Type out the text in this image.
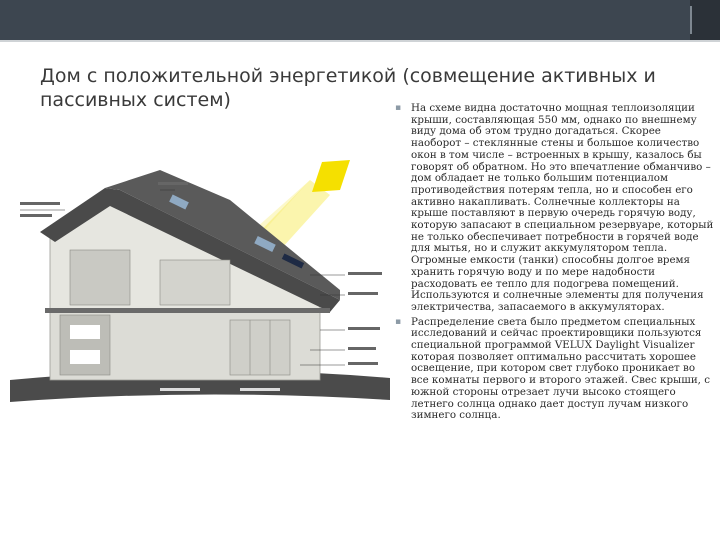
Дом с положительной энергетикой (совмещение активных и пассивных систем)	▪ На схеме видна достаточно мощная теплоизоляции крыши, составляющая 550 мм, однако по внешнему виду дома об этом трудно догадаться. Скорее наоборот – стеклянные стены и большое количество окон в том числе – встроенных в крышу, казалось бы говорят об обратном. Но это впечатление обманчиво – дом обладает не только большим потенциалом противодействия потерям тепла, но и способен его активно накапливать. Солнечные коллекторы на крыше поставляют в первую очередь горячую воду, которую запасают в специальном резервуаре, который не только обеспечивает потребности в горячей воде для мытья, но и служит аккумулятором тепла. Огромные емкости (танки) способны долгое время хранить горячую воду и по мере надобности расходовать ее тепло для подогрева помещений. Используются и солнечные элементы для получения электричества, запасаемого в аккумуляторах.
▪ Распределение света было предметом специальных исследований и сейчас проектировщики пользуются специальной программой VELUX Daylight Visualizer которая позволяет оптимально рассчитать хорошее освещение, при котором свет глубоко проникает во все комнаты первого и второго этажей. Свес крыши, с южной стороны отрезает лучи высоко стоящего летнего солнца однако дает доступ лучам низкого зимнего солнца.
